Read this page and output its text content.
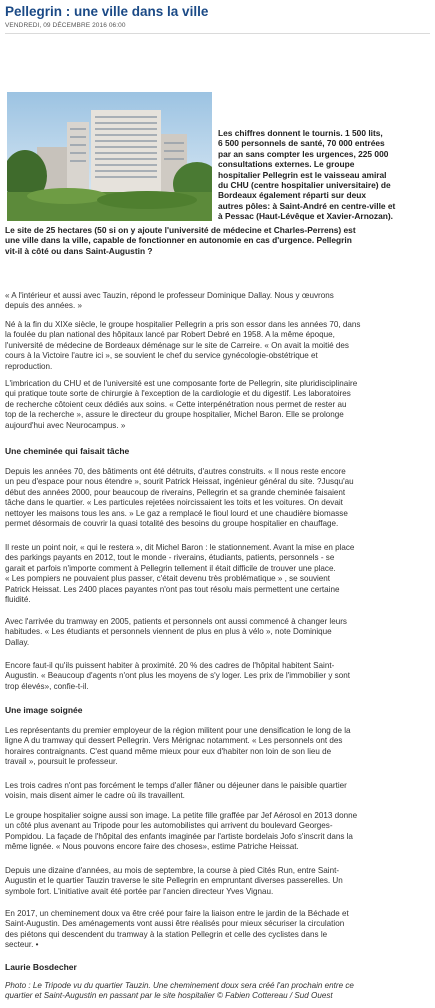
Pellegrin : une ville dans la ville
VENDREDI, 09 DÉCEMBRE 2016 06:00
Les chiffres donnent le tournis. 1 500 lits,
6 500 personnels de santé, 70 000 entrées
par an sans compter les urgences, 225 000
consultations externes. Le groupe
hospitalier Pellegrin est le vaisseau amiral
du CHU (centre hospitalier universitaire) de
Bordeaux également réparti sur deux
autres pôles: à Saint-André en centre-ville et
à Pessac (Haut-Lévêque et Xavier-Arnozan).
Le site de 25 hectares (50 si on y ajoute l'université de médecine et Charles-Perrens) est
une ville dans la ville, capable de fonctionner en autonomie en cas d'urgence. Pellegrin
vit-il à côté ou dans Saint-Augustin ?
« A l'intérieur et aussi avec Tauzin, répond le professeur Dominique Dallay. Nous y œuvrons
depuis des années. »
Né à la fin du XIXe siècle, le groupe hospitalier Pellegrin a pris son essor dans les années 70, dans
la foulée du plan national des hôpitaux lancé par Robert Debré en 1958. A la même époque,
l'université de médecine de Bordeaux déménage sur le site de Carreire. « On avait la moitié des
cours à la Victoire l'autre ici », se souvient le chef du service gynécologie-obstétrique et
reproduction.
L'imbrication du CHU et de l'université est une composante forte de Pellegrin, site pluridisciplinaire
qui pratique toute sorte de chirurgie à l'exception de la cardiologie et du digestif. Les laboratoires
de recherche côtoient ceux dédiés aux soins. « Cette interpénétration nous permet de rester au
top de la recherche », assure le directeur du groupe hospitalier, Michel Baron. Elle se prolonge
aujourd'hui avec Neurocampus. »
Une cheminée qui faisait tâche
Depuis les années 70, des bâtiments ont été détruits, d'autres construits. « Il nous reste encore
un peu d'espace pour nous étendre », sourit Patrick Heissat, ingénieur général du site. ?Jusqu'au
début des années 2000, pour beaucoup de riverains, Pellegrin et sa grande cheminée faisaient
tâche dans le quartier. « Les particules rejetées noircissaient les toits et les voitures. On devait
nettoyer les maisons tous les ans. » Le gaz a remplacé le fioul lourd et une chaudière biomasse
permet désormais de couvrir la quasi totalité des besoins du groupe hospitalier en chauffage.
Il reste un point noir, « qui le restera », dit Michel Baron : le stationnement. Avant la mise en place
des parkings payants en 2012, tout le monde - riverains, étudiants, patients, personnels - se
garait et parfois n'importe comment à Pellegrin tellement il était difficile de trouver une place.
« Les pompiers ne pouvaient plus passer, c'était devenu très problématique » , se souvient
Patrick Heissat. Les 2400 places payantes n'ont pas tout résolu mais permettent une certaine
fluidité.
Avec l'arrivée du tramway en 2005, patients et personnels ont aussi commencé à changer leurs
habitudes. « Les étudiants et personnels viennent de plus en plus à vélo », note Dominique
Dallay.
Encore faut-il qu'ils puissent habiter à proximité. 20 % des cadres de l'hôpital habitent Saint-
Augustin. « Beaucoup d'agents n'ont plus les moyens de s'y loger. Les prix de l'immobilier y sont
trop élevés», confie-t-il.
Une image soignée
Les représentants du premier employeur de la région militent pour une densification le long de la
ligne A du tramway qui dessert Pellegrin. Vers Mérignac notamment. « Les personnels ont des
horaires contraignants. C'est quand même mieux pour eux d'habiter non loin de son lieu de
travail », poursuit le professeur.
Les trois cadres n'ont pas forcément le temps d'aller flâner ou déjeuner dans le paisible quartier
voisin, mais disent aimer le cadre où ils travaillent.
Le groupe hospitalier soigne aussi son image. La petite fille graffée par Jef Aérosol en 2013 donne
un côté plus avenant au Tripode pour les automobilistes qui arrivent du boulevard Georges-
Pompidou. La façade de l'hôpital des enfants imaginée par l'artiste bordelais Jofo s'inscrit dans la
même lignée. « Nous pouvons encore faire des choses», estime Patriche Heissat.
Depuis une dizaine d'années, au mois de septembre, la course à pied Cités Run, entre Saint-
Augustin et le quartier Tauzin traverse le site Pellegrin en empruntant diverses passerelles. Un
symbole fort. L'initiative avait été portée par l'ancien directeur Yves Vignau.
En 2017, un cheminement doux va être créé pour faire la liaison entre le jardin de la Béchade et
Saint-Augustin. Des aménagements vont aussi être réalisés pour mieux sécuriser la circulation
des piétons qui descendent du tramway à la station Pellegrin et celle des cyclistes dans le
secteur. •
Laurie Bosdecher
Photo : Le Tripode vu du quartier Tauzin. Une cheminement doux sera créé l'an prochain entre ce
quartier et Saint-Augustin en passant par le site hospitalier © Fabien Cottereau / Sud Ouest
